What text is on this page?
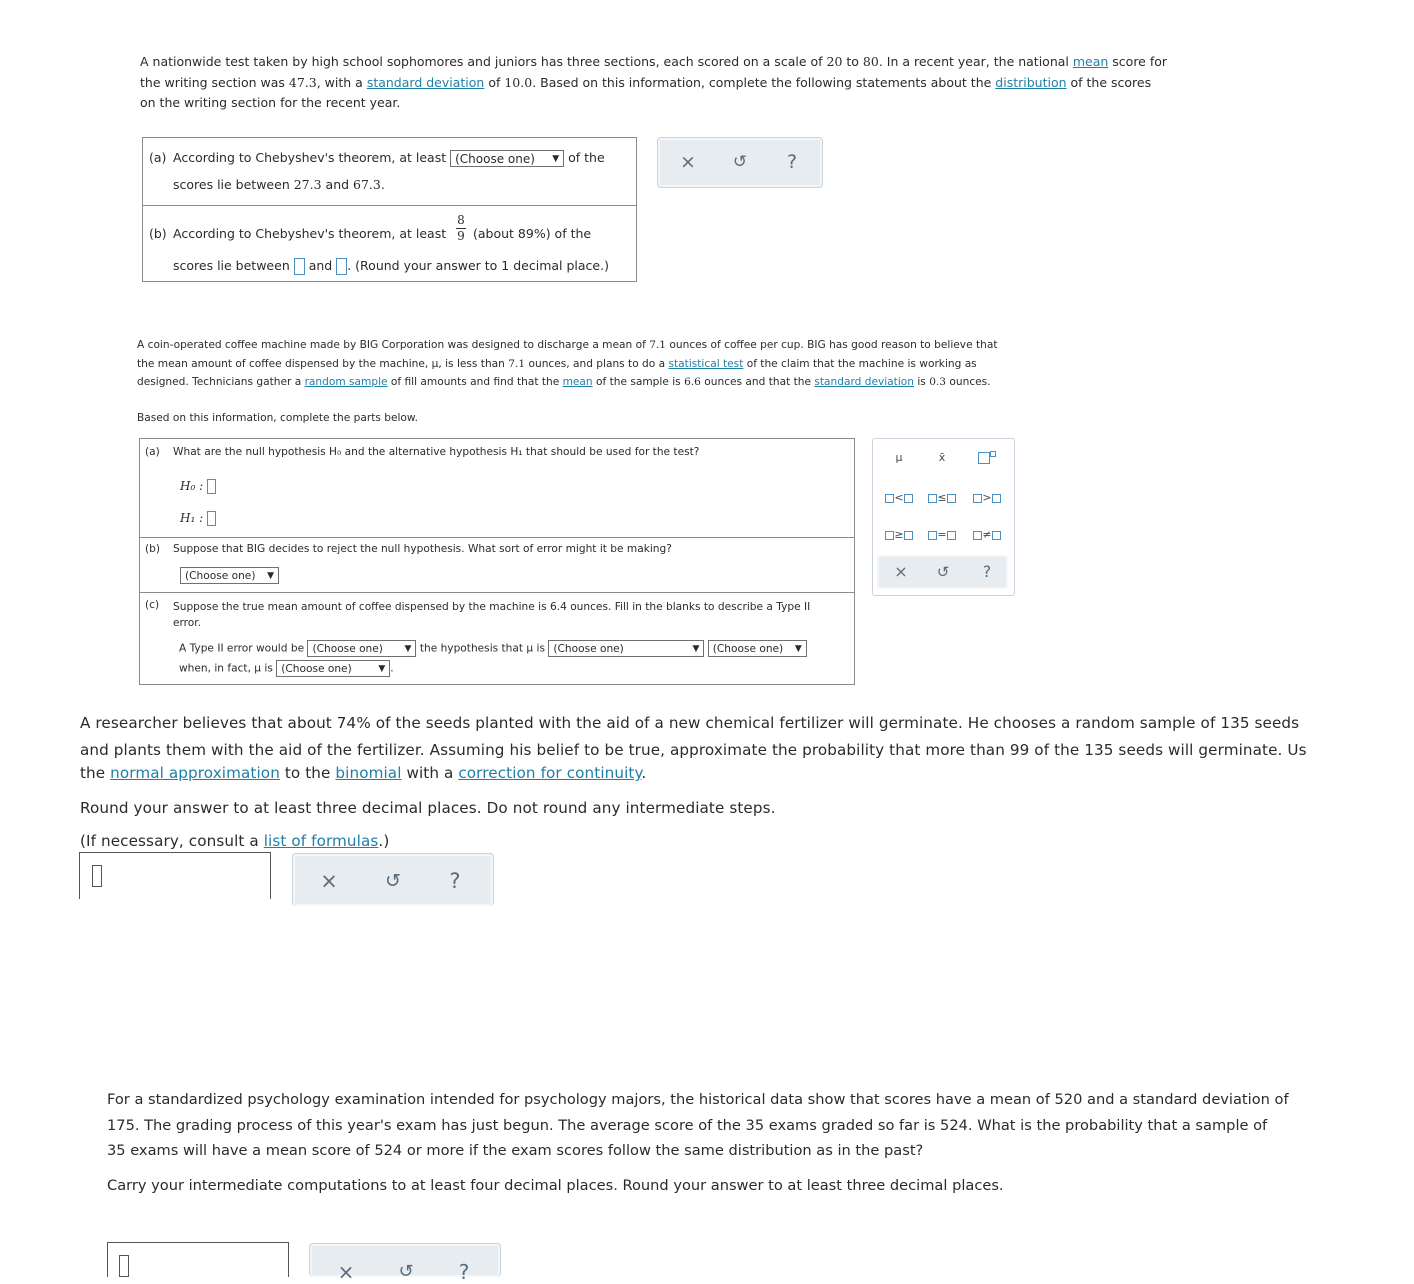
A nationwide test taken by high school sophomores and juniors has three sections, each scored on a scale of 20 to 80. In a recent year, the national mean score for the writing section was 47.3, with a standard deviation of 10.0. Based on this information, complete the following statements about the distribution of the scores on the writing section for the recent year.
(a) According to Chebyshev's theorem, at least (Choose one) ▼ of the
scores lie between 27.3 and 67.3.
(b) According to Chebyshev's theorem, at least $\frac{8}{9}$ (about 89%) of the
scores lie between and . (Round your answer to 1 decimal place.)
× ↺	?
A coin-operated coffee machine made by BIG Corporation was designed to discharge a mean of 7.1 ounces of coffee per cup. BIG has good reason to believe that the mean amount of coffee dispensed by the machine, μ, is less than 7.1 ounces, and plans to do a statistical test of the claim that the machine is working as designed. Technicians gather a random sample of fill amounts and find that the mean of the sample is 6.6 ounces and that the standard deviation is 0.3 ounces.
Based on this information, complete the parts below.
(a) What are the null hypothesis H₀ and the alternative hypothesis H₁ that should be used for the test?
H₀ :
H₁ :
(b) Suppose that BIG decides to reject the null hypothesis. What sort of error might it be making?
(Choose one) ▼
(c) Suppose the true mean amount of coffee dispensed by the machine is 6.4 ounces. Fill in the blanks to describe a Type II error.
A Type II error would be (Choose one) ▼ the hypothesis that μ is (Choose one)	▼ (Choose one) ▼
when, in fact, μ is (Choose one)	▼ .
μ	x̄
<	≤	>
≥	=	≠
×	↺	?
A researcher believes that about 74% of the seeds planted with the aid of a new chemical fertilizer will germinate. He chooses a random sample of 135 seeds
and plants them with the aid of the fertilizer. Assuming his belief to be true, approximate the probability that more than 99 of the 135 seeds will germinate. Us
the normal approximation to the binomial with a correction for continuity.
Round your answer to at least three decimal places. Do not round any intermediate steps.
(If necessary, consult a list of formulas.)
× ↺	?
For a standardized psychology examination intended for psychology majors, the historical data show that scores have a mean of 520 and a standard deviation of
175. The grading process of this year's exam has just begun. The average score of the 35 exams graded so far is 524. What is the probability that a sample of
35 exams will have a mean score of 524 or more if the exam scores follow the same distribution as in the past?
Carry your intermediate computations to at least four decimal places. Round your answer to at least three decimal places.
× ↺	?
